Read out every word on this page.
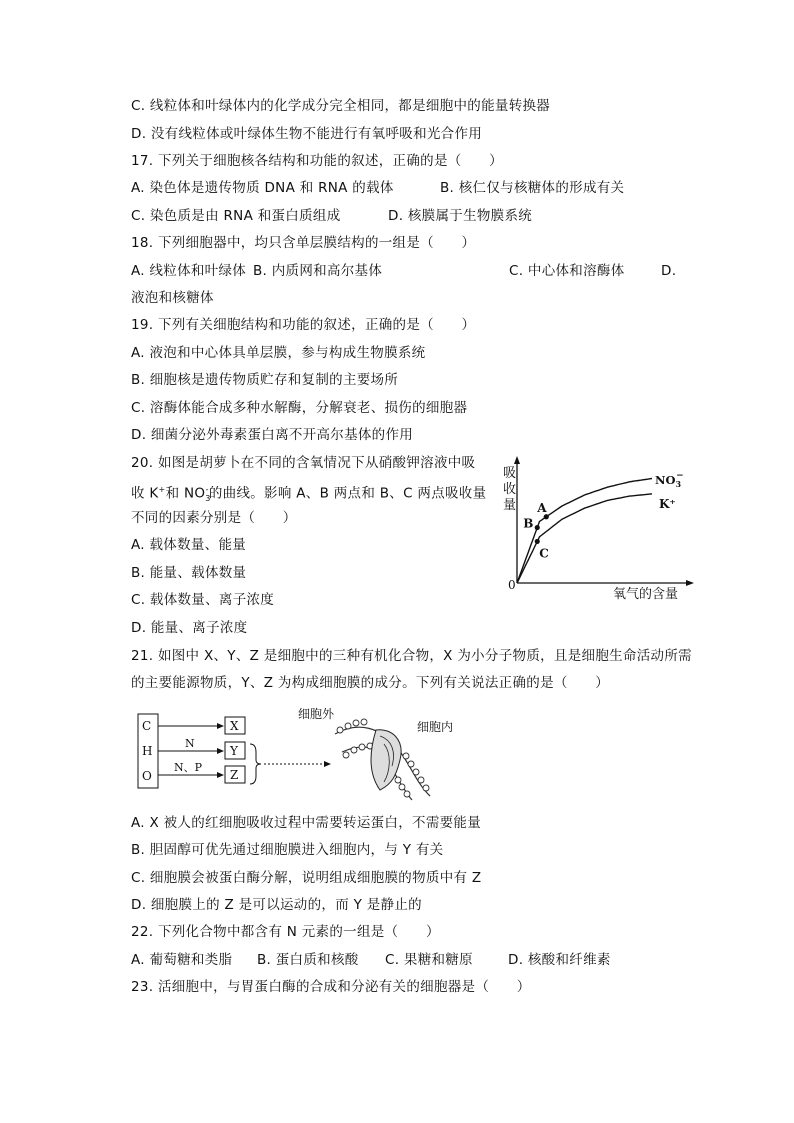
C. 线粒体和叶绿体内的化学成分完全相同，都是细胞中的能量转换器
D. 没有线粒体或叶绿体生物不能进行有氧呼吸和光合作用
17. 下列关于细胞核各结构和功能的叙述，正确的是（　　）
A. 染色体是遗传物质 DNA 和 RNA 的载体	B. 核仁仅与核糖体的形成有关
C. 染色质是由 RNA 和蛋白质组成	D. 核膜属于生物膜系统
18. 下列细胞器中，均只含单层膜结构的一组是（　　）
A. 线粒体和叶绿体 B. 内质网和高尔基体	C. 中心体和溶酶体	D.
液泡和核糖体
19. 下列有关细胞结构和功能的叙述，正确的是（　　）
A. 液泡和中心体具单层膜，参与构成生物膜系统
B. 细胞核是遗传物质贮存和复制的主要场所
C. 溶酶体能合成多种水解酶，分解衰老、损伤的细胞器
D. 细菌分泌外毒素蛋白离不开高尔基体的作用
20. 如图是胡萝卜在不同的含氧情况下从硝酸钾溶液中吸
收 K+和 $NO_3^-$的曲线。影响 A、B 两点和 B、C 两点吸收量
不同的因素分别是（　　）
A. 载体数量、能量
B. 能量、载体数量
C. 载体数量、离子浓度
D. 能量、离子浓度
吸
收
量
0
氧气的含量
$NO_3-$
K⁺
A
B
C
21. 如图中 X、Y、Z 是细胞中的三种有机化合物，X 为小分子物质，且是细胞生命活动所需
的主要能源物质，Y、Z 为构成细胞膜的成分。下列有关说法正确的是（　　）
C
H
O
N
N、P
X
Y
Z
细胞外
细胞内
A. X 被人的红细胞吸收过程中需要转运蛋白，不需要能量
B. 胆固醇可优先通过细胞膜进入细胞内，与 Y 有关
C. 细胞膜会被蛋白酶分解，说明组成细胞膜的物质中有 Z
D. 细胞膜上的 Z 是可以运动的，而 Y 是静止的
22. 下列化合物中都含有 N 元素的一组是（　　）
A. 葡萄糖和类脂 B. 蛋白质和核酸 C. 果糖和糖原	D. 核酸和纤维素
23. 活细胞中，与胃蛋白酶的合成和分泌有关的细胞器是（　　）
